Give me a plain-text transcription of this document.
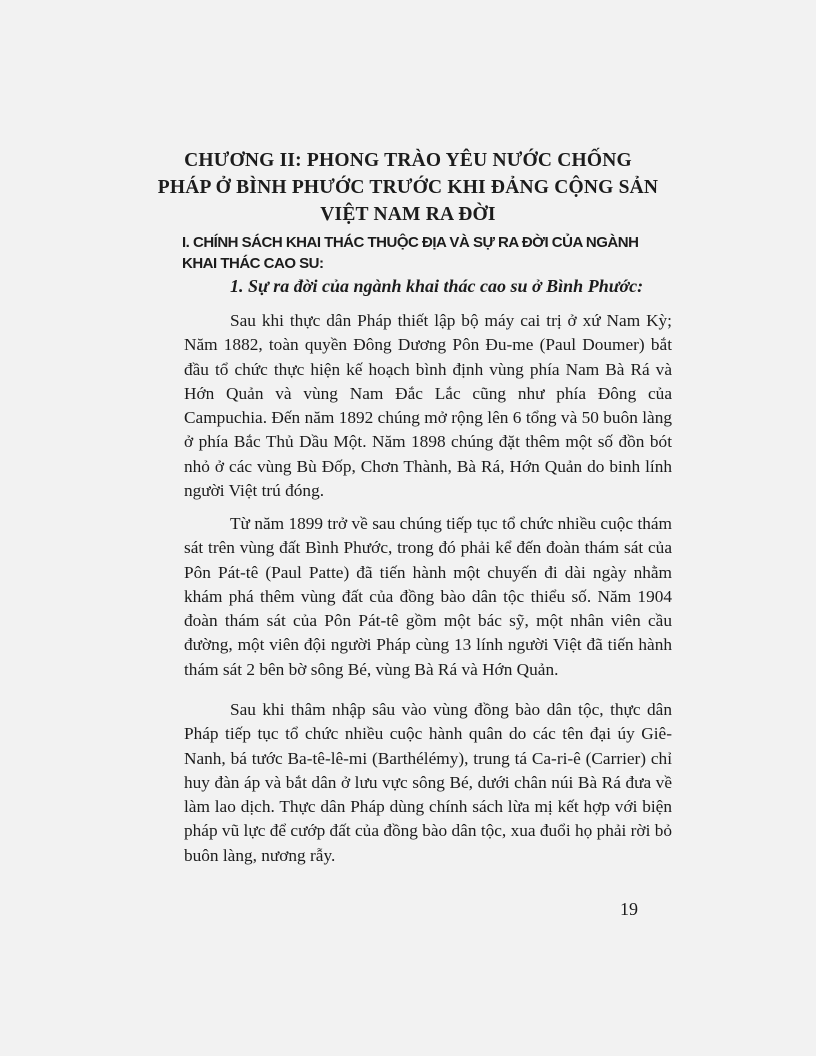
CHƯƠNG II: PHONG TRÀO YÊU NƯỚC CHỐNG
PHÁP Ở BÌNH PHƯỚC TRƯỚC KHI ĐẢNG CỘNG SẢN
VIỆT NAM RA ĐỜI
I. CHÍNH SÁCH KHAI THÁC THUỘC ĐỊA VÀ SỰ RA ĐỜI CỦA NGÀNH KHAI THÁC CAO SU:
1. Sự ra đời của ngành khai thác cao su ở Bình Phước:

Sau khi thực dân Pháp thiết lập bộ máy cai trị ở xứ Nam Kỳ; Năm 1882, toàn quyền Đông Dương Pôn Đu-me (Paul Doumer) bắt đầu tổ chức thực hiện kế hoạch bình định vùng phía Nam Bà Rá và Hớn Quản và vùng Nam Đắc Lắc cũng như phía Đông của Campuchia. Đến năm 1892 chúng mở rộng lên 6 tổng và 50 buôn làng ở phía Bắc Thủ Dầu Một. Năm 1898 chúng đặt thêm một số đồn bót nhỏ ở các vùng Bù Đốp, Chơn Thành, Bà Rá, Hớn Quản do binh lính người Việt trú đóng.

Từ năm 1899 trở về sau chúng tiếp tục tổ chức nhiều cuộc thám sát trên vùng đất Bình Phước, trong đó phải kể đến đoàn thám sát của Pôn Pát-tê (Paul Patte) đã tiến hành một chuyến đi dài ngày nhằm khám phá thêm vùng đất của đồng bào dân tộc thiểu số. Năm 1904 đoàn thám sát của Pôn Pát-tê gồm một bác sỹ, một nhân viên cầu đường, một viên đội người Pháp cùng 13 lính người Việt đã tiến hành thám sát 2 bên bờ sông Bé, vùng Bà Rá và Hớn Quản.

Sau khi thâm nhập sâu vào vùng đồng bào dân tộc, thực dân Pháp tiếp tục tổ chức nhiều cuộc hành quân do các tên đại úy Giê-Nanh, bá tước Ba-tê-lê-mi (Barthélémy), trung tá Ca-ri-ê (Carrier) chỉ huy đàn áp và bắt dân ở lưu vực sông Bé, dưới chân núi Bà Rá đưa về làm lao dịch. Thực dân Pháp dùng chính sách lừa mị kết hợp với biện pháp vũ lực để cướp đất của đồng bào dân tộc, xua đuổi họ phải rời bỏ buôn làng, nương rẫy.

19
